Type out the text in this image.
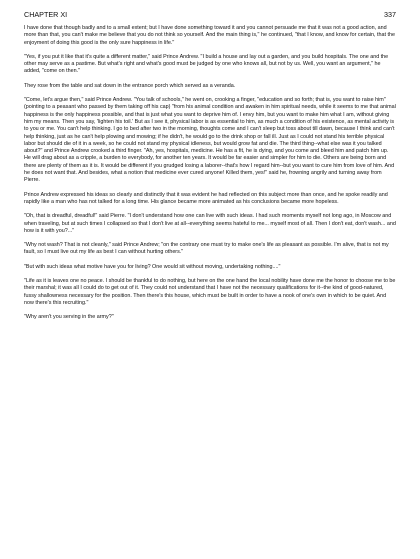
CHAPTER XI	337

I have done that though badly and to a small extent; but I have done something toward it and you cannot persuade me that it was not a good action, and more than that, you can't make me believe that you do not think so yourself. And the main thing is," he continued, "that I know, and know for certain, that the enjoyment of doing this good is the only sure happiness in life."

"Yes, if you put it like that it's quite a different matter," said Prince Andrew. "I build a house and lay out a garden, and you build hospitals. The one and the other may serve as a pastime. But what's right and what's good must be judged by one who knows all, but not by us. Well, you want an argument," he added, "come on then."

They rose from the table and sat down in the entrance porch which served as a veranda.

"Come, let's argue then," said Prince Andrew. "You talk of schools," he went on, crooking a finger, "education and so forth; that is, you want to raise him" (pointing to a peasant who passed by them taking off his cap) "from his animal condition and awaken in him spiritual needs, while it seems to me that animal happiness is the only happiness possible, and that is just what you want to deprive him of. I envy him, but you want to make him what I am, without giving him my means. Then you say, 'lighten his toil.' But as I see it, physical labor is as essential to him, as much a condition of his existence, as mental activity is to you or me. You can't help thinking. I go to bed after two in the morning, thoughts come and I can't sleep but toss about till dawn, because I think and can't help thinking, just as he can't help plowing and mowing; if he didn't, he would go to the drink shop or fall ill. Just as I could not stand his terrible physical labor but should die of it in a week, so he could not stand my physical idleness, but would grow fat and die. The third thing--what else was it you talked about?" and Prince Andrew crooked a third finger. "Ah, yes, hospitals, medicine. He has a fit, he is dying, and you come and bleed him and patch him up. He will drag about as a cripple, a burden to everybody, for another ten years. It would be far easier and simpler for him to die. Others are being born and there are plenty of them as it is. It would be different if you grudged losing a laborer--that's how I regard him--but you want to cure him from love of him. And he does not want that. And besides, what a notion that medicine ever cured anyone! Killed them, yes!" said he, frowning angrily and turning away from Pierre.

Prince Andrew expressed his ideas so clearly and distinctly that it was evident he had reflected on this subject more than once, and he spoke readily and rapidly like a man who has not talked for a long time. His glance became more animated as his conclusions became more hopeless.

"Oh, that is dreadful, dreadful!" said Pierre. "I don't understand how one can live with such ideas. I had such moments myself not long ago, in Moscow and when traveling, but at such times I collapsed so that I don't live at all--everything seems hateful to me... myself most of all. Then I don't eat, don't wash... and how is it with you?..."

"Why not wash? That is not cleanly," said Prince Andrew; "on the contrary one must try to make one's life as pleasant as possible. I'm alive, that is not my fault, so I must live out my life as best I can without hurting others."

"But with such ideas what motive have you for living? One would sit without moving, undertaking nothing...."

"Life as it is leaves one no peace. I should be thankful to do nothing, but here on the one hand the local nobility have done me the honor to choose me to be their marshal; it was all I could do to get out of it. They could not understand that I have not the necessary qualifications for it--the kind of good-natured, fussy shallowness necessary for the position. Then there's this house, which must be built in order to have a nook of one's own in which to be quiet. And now there's this recruiting."

"Why aren't you serving in the army?"
